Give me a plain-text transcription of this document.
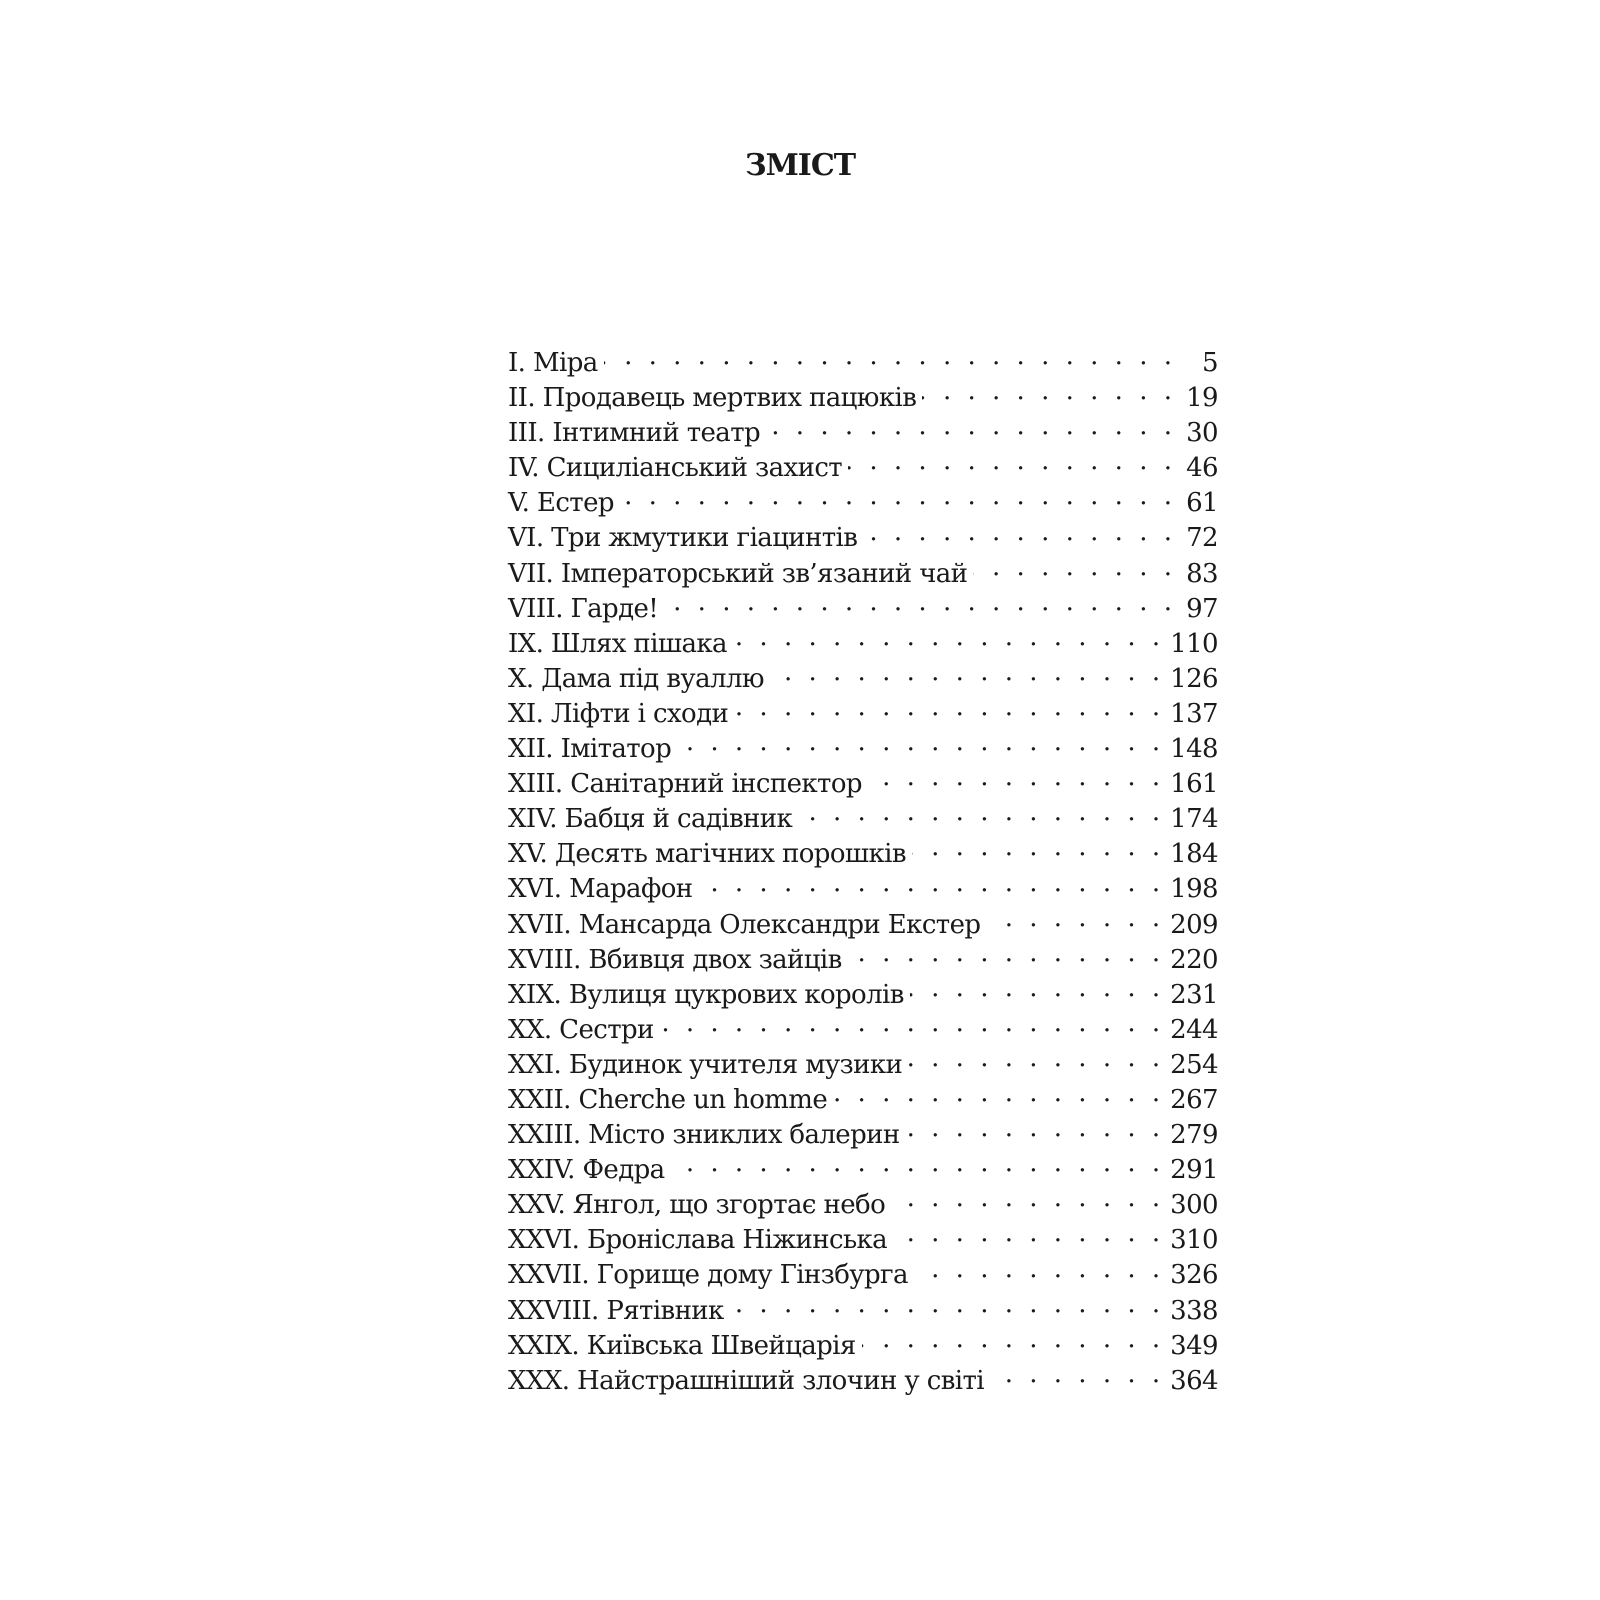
ЗМІСТ
I. Міра . . .	5
II. Продавець мертвих пацюків . . .	19
III. Інтимний театр . . .	30
IV. Сициліанський захист . . .	46
V. Естер . . .	61
VI. Три жмутики гіацинтів . . .	72
VII. Імператорський зв’язаний чай . . .	83
VIII. Гарде! . . .	97
IX. Шлях пішака . . .	110
X. Дама під вуаллю . . .	126
XI. Ліфти і сходи . . .	137
XII. Імітатор . . .	148
XIII. Санітарний інспектор . . .	161
XIV. Бабця й садівник . . .	174
XV. Десять магічних порошків . . .	184
XVI. Марафон . . .	198
XVII. Мансарда Олександри Екстер . . .	209
XVIII. Вбивця двох зайців . . .	220
XIX. Вулиця цукрових королів . . .	231
XX. Сестри . . .	244
XXI. Будинок учителя музики . . .	254
XXII. Cherche un homme . . .	267
XXIII. Місто зниклих балерин . . .	279
XXIV. Федра . . .	291
XXV. Янгол, що згортає небо . . .	300
XXVI. Броніслава Ніжинська . . .	310
XXVII. Горище дому Гінзбурга . . .	326
XXVIII. Рятівник . . .	338
XXIX. Київська Швейцарія . . .	349
XXX. Найстрашніший злочин у світі . . .	364
